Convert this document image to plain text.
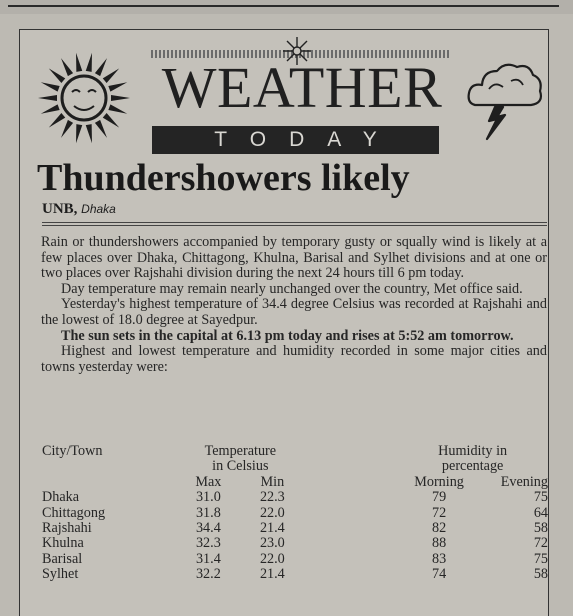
WEATHER
TODAY
Thundershowers likely
UNB, Dhaka

Rain or thundershowers accompanied by temporary gusty or squally wind is likely at a few places over Dhaka, Chittagong, Khulna, Barisal and Sylhet divisions and at one or two places over Rajshahi division during the next 24 hours till 6 pm today.

Day temperature may remain nearly unchanged over the country, Met office said.

Yesterday's highest temperature of 34.4 degree Celsius was recorded at Rajshahi and the lowest of 18.0 degree at Sayedpur.

The sun sets in the capital at 6.13 pm today and rises at 5:52 am tomorrow.

Highest and lowest temperature and humidity recorded in some major cities and towns yesterday were:

City/Town	Temperature			Humidity in	
	in Celsius			percentage	
	Max	Min		Morning	Evening
Dhaka	31.0	22.3		79	75
Chittagong	31.8	22.0		72	64
Rajshahi	34.4	21.4		82	58
Khulna	32.3	23.0		88	72
Barisal	31.4	22.0		83	75
Sylhet	32.2	21.4		74	58
